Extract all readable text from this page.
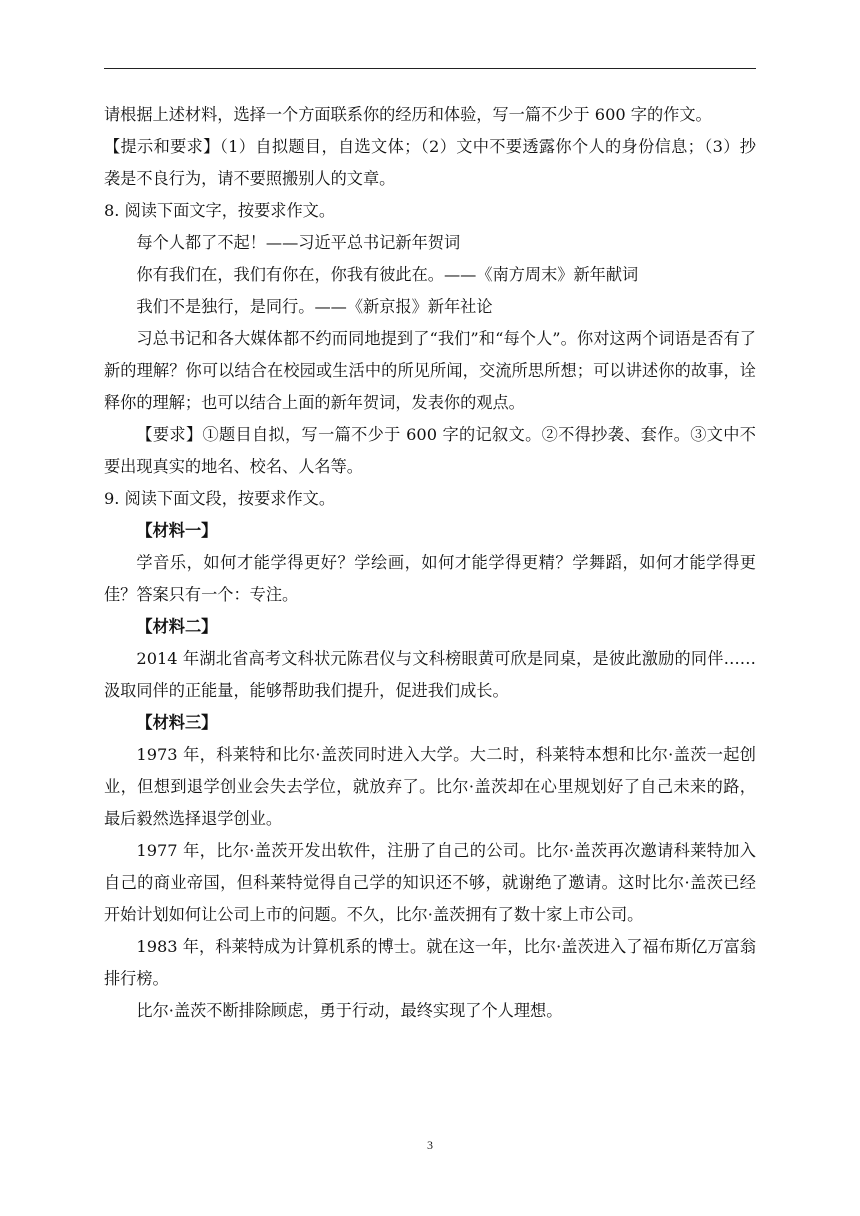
请根据上述材料，选择一个方面联系你的经历和体验，写一篇不少于 600 字的作文。

【提示和要求】（1）自拟题目，自选文体；（2）文中不要透露你个人的身份信息；（3）抄袭是不良行为，请不要照搬别人的文章。

8. 阅读下面文字，按要求作文。

每个人都了不起！——习近平总书记新年贺词

你有我们在，我们有你在，你我有彼此在。——《南方周末》新年献词

我们不是独行，是同行。——《新京报》新年社论

习总书记和各大媒体都不约而同地提到了“我们”和“每个人”。你对这两个词语是否有了新的理解？你可以结合在校园或生活中的所见所闻，交流所思所想；可以讲述你的故事，诠释你的理解；也可以结合上面的新年贺词，发表你的观点。

【要求】①题目自拟，写一篇不少于 600 字的记叙文。②不得抄袭、套作。③文中不要出现真实的地名、校名、人名等。

9. 阅读下面文段，按要求作文。

【材料一】

学音乐，如何才能学得更好？学绘画，如何才能学得更精？学舞蹈，如何才能学得更佳？答案只有一个：专注。

【材料二】

2014 年湖北省高考文科状元陈君仪与文科榜眼黄可欣是同桌，是彼此激励的同伴……汲取同伴的正能量，能够帮助我们提升，促进我们成长。

【材料三】

1973 年，科莱特和比尔·盖茨同时进入大学。大二时，科莱特本想和比尔·盖茨一起创业，但想到退学创业会失去学位，就放弃了。比尔·盖茨却在心里规划好了自己未来的路，最后毅然选择退学创业。

1977 年，比尔·盖茨开发出软件，注册了自己的公司。比尔·盖茨再次邀请科莱特加入自己的商业帝国，但科莱特觉得自己学的知识还不够，就谢绝了邀请。这时比尔·盖茨已经开始计划如何让公司上市的问题。不久，比尔·盖茨拥有了数十家上市公司。

1983 年，科莱特成为计算机系的博士。就在这一年，比尔·盖茨进入了福布斯亿万富翁排行榜。

比尔·盖茨不断排除顾虑，勇于行动，最终实现了个人理想。

3
